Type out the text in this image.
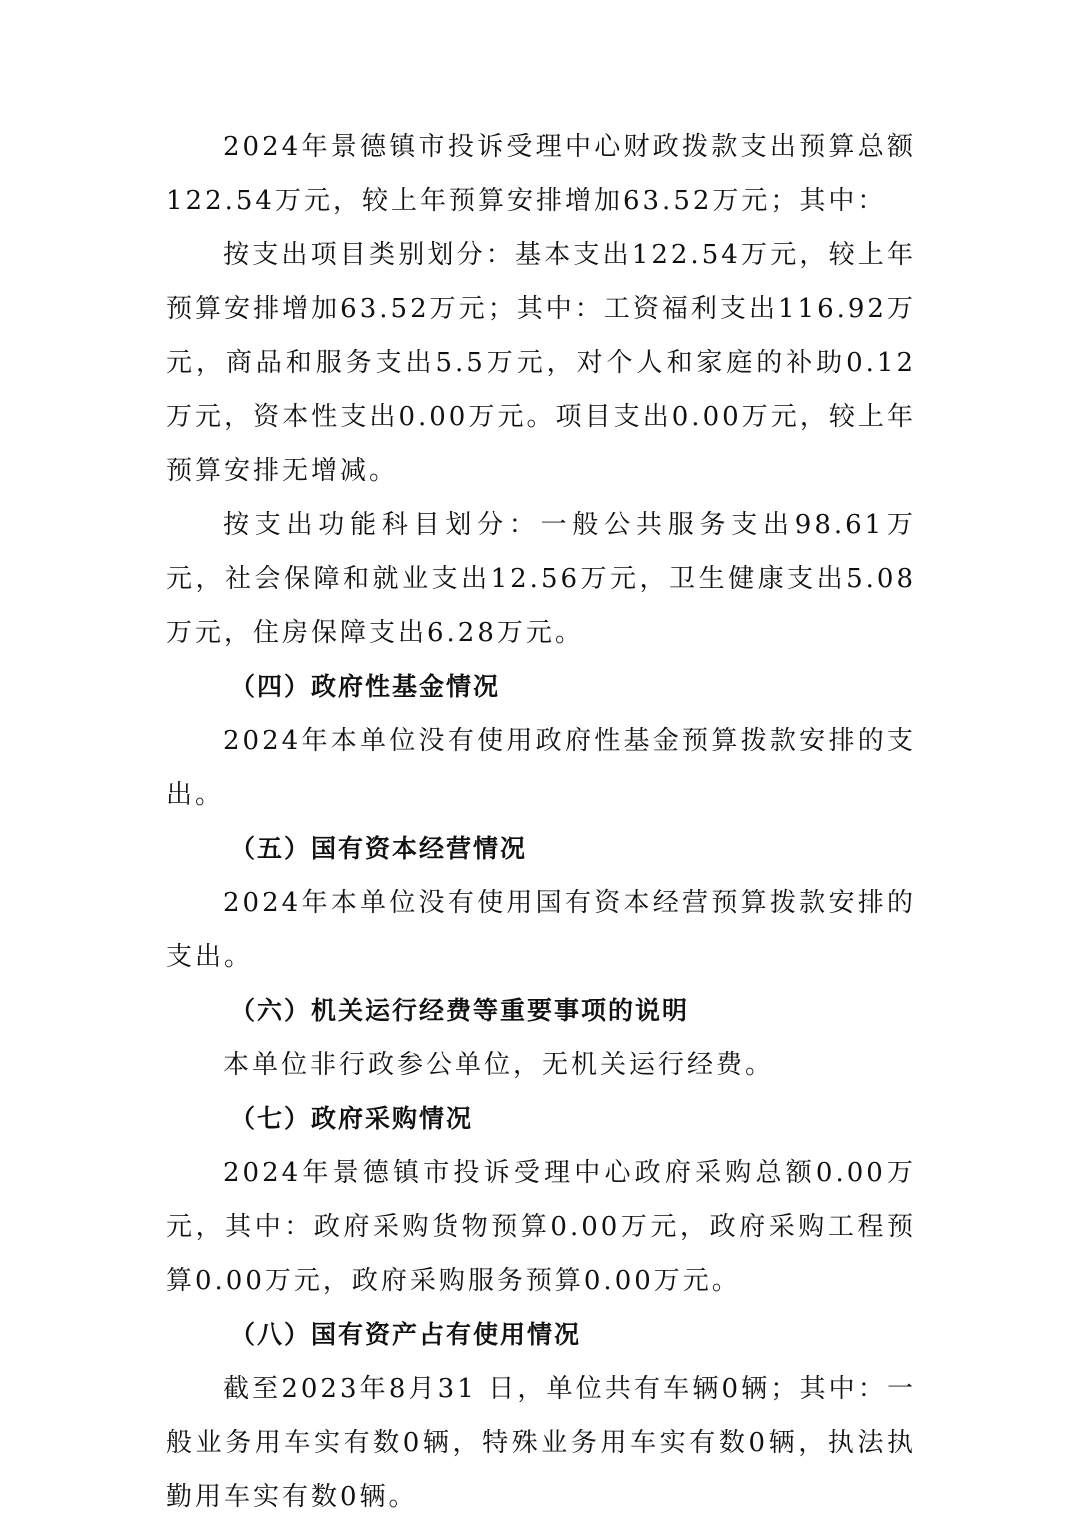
2024年景德镇市投诉受理中心财政拨款支出预算总额122.54万元，较上年预算安排增加63.52万元；其中：

按支出项目类别划分：基本支出122.54万元，较上年预算安排增加63.52万元；其中：工资福利支出116.92万元，商品和服务支出5.5万元，对个人和家庭的补助0.12万元，资本性支出0.00万元。项目支出0.00万元，较上年预算安排无增减。

按支出功能科目划分：一般公共服务支出98.61万元，社会保障和就业支出12.56万元，卫生健康支出5.08万元，住房保障支出6.28万元。

（四）政府性基金情况

2024年本单位没有使用政府性基金预算拨款安排的支出。

（五）国有资本经营情况

2024年本单位没有使用国有资本经营预算拨款安排的支出。

（六）机关运行经费等重要事项的说明

本单位非行政参公单位，无机关运行经费。

（七）政府采购情况

2024年景德镇市投诉受理中心政府采购总额0.00万元，其中：政府采购货物预算0.00万元，政府采购工程预算0.00万元，政府采购服务预算0.00万元。

（八）国有资产占有使用情况

截至2023年8月31 日，单位共有车辆0辆；其中：一般业务用车实有数0辆，特殊业务用车实有数0辆，执法执勤用车实有数0辆。
